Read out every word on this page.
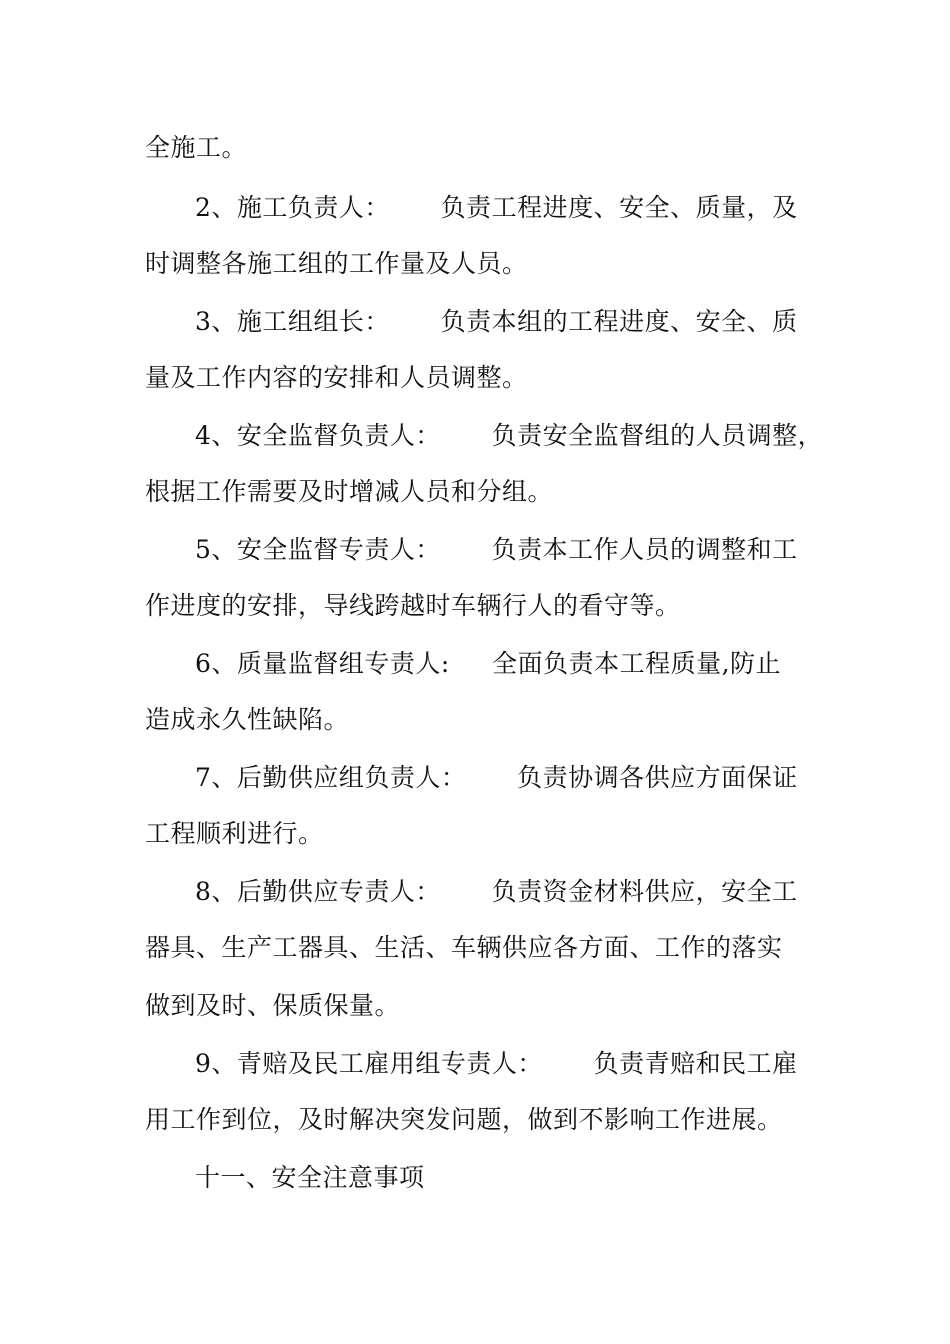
全施工。
2、施工负责人：      负责工程进度、安全、质量，及
时调整各施工组的工作量及人员。
3、施工组组长：      负责本组的工程进度、安全、质
量及工作内容的安排和人员调整。
4、安全监督负责人：      负责安全监督组的人员调整，
根据工作需要及时增减人员和分组。
5、安全监督专责人：      负责本工作人员的调整和工
作进度的安排，导线跨越时车辆行人的看守等。
6、质量监督组专责人:     全面负责本工程质量,防止
造成永久性缺陷。
7、后勤供应组负责人：      负责协调各供应方面保证
工程顺利进行。
8、后勤供应专责人：      负责资金材料供应，安全工
器具、生产工器具、生活、车辆供应各方面、工作的落实
做到及时、保质保量。
9、青赔及民工雇用组专责人：      负责青赔和民工雇
用工作到位，及时解决突发问题，做到不影响工作进展。
十一、安全注意事项
